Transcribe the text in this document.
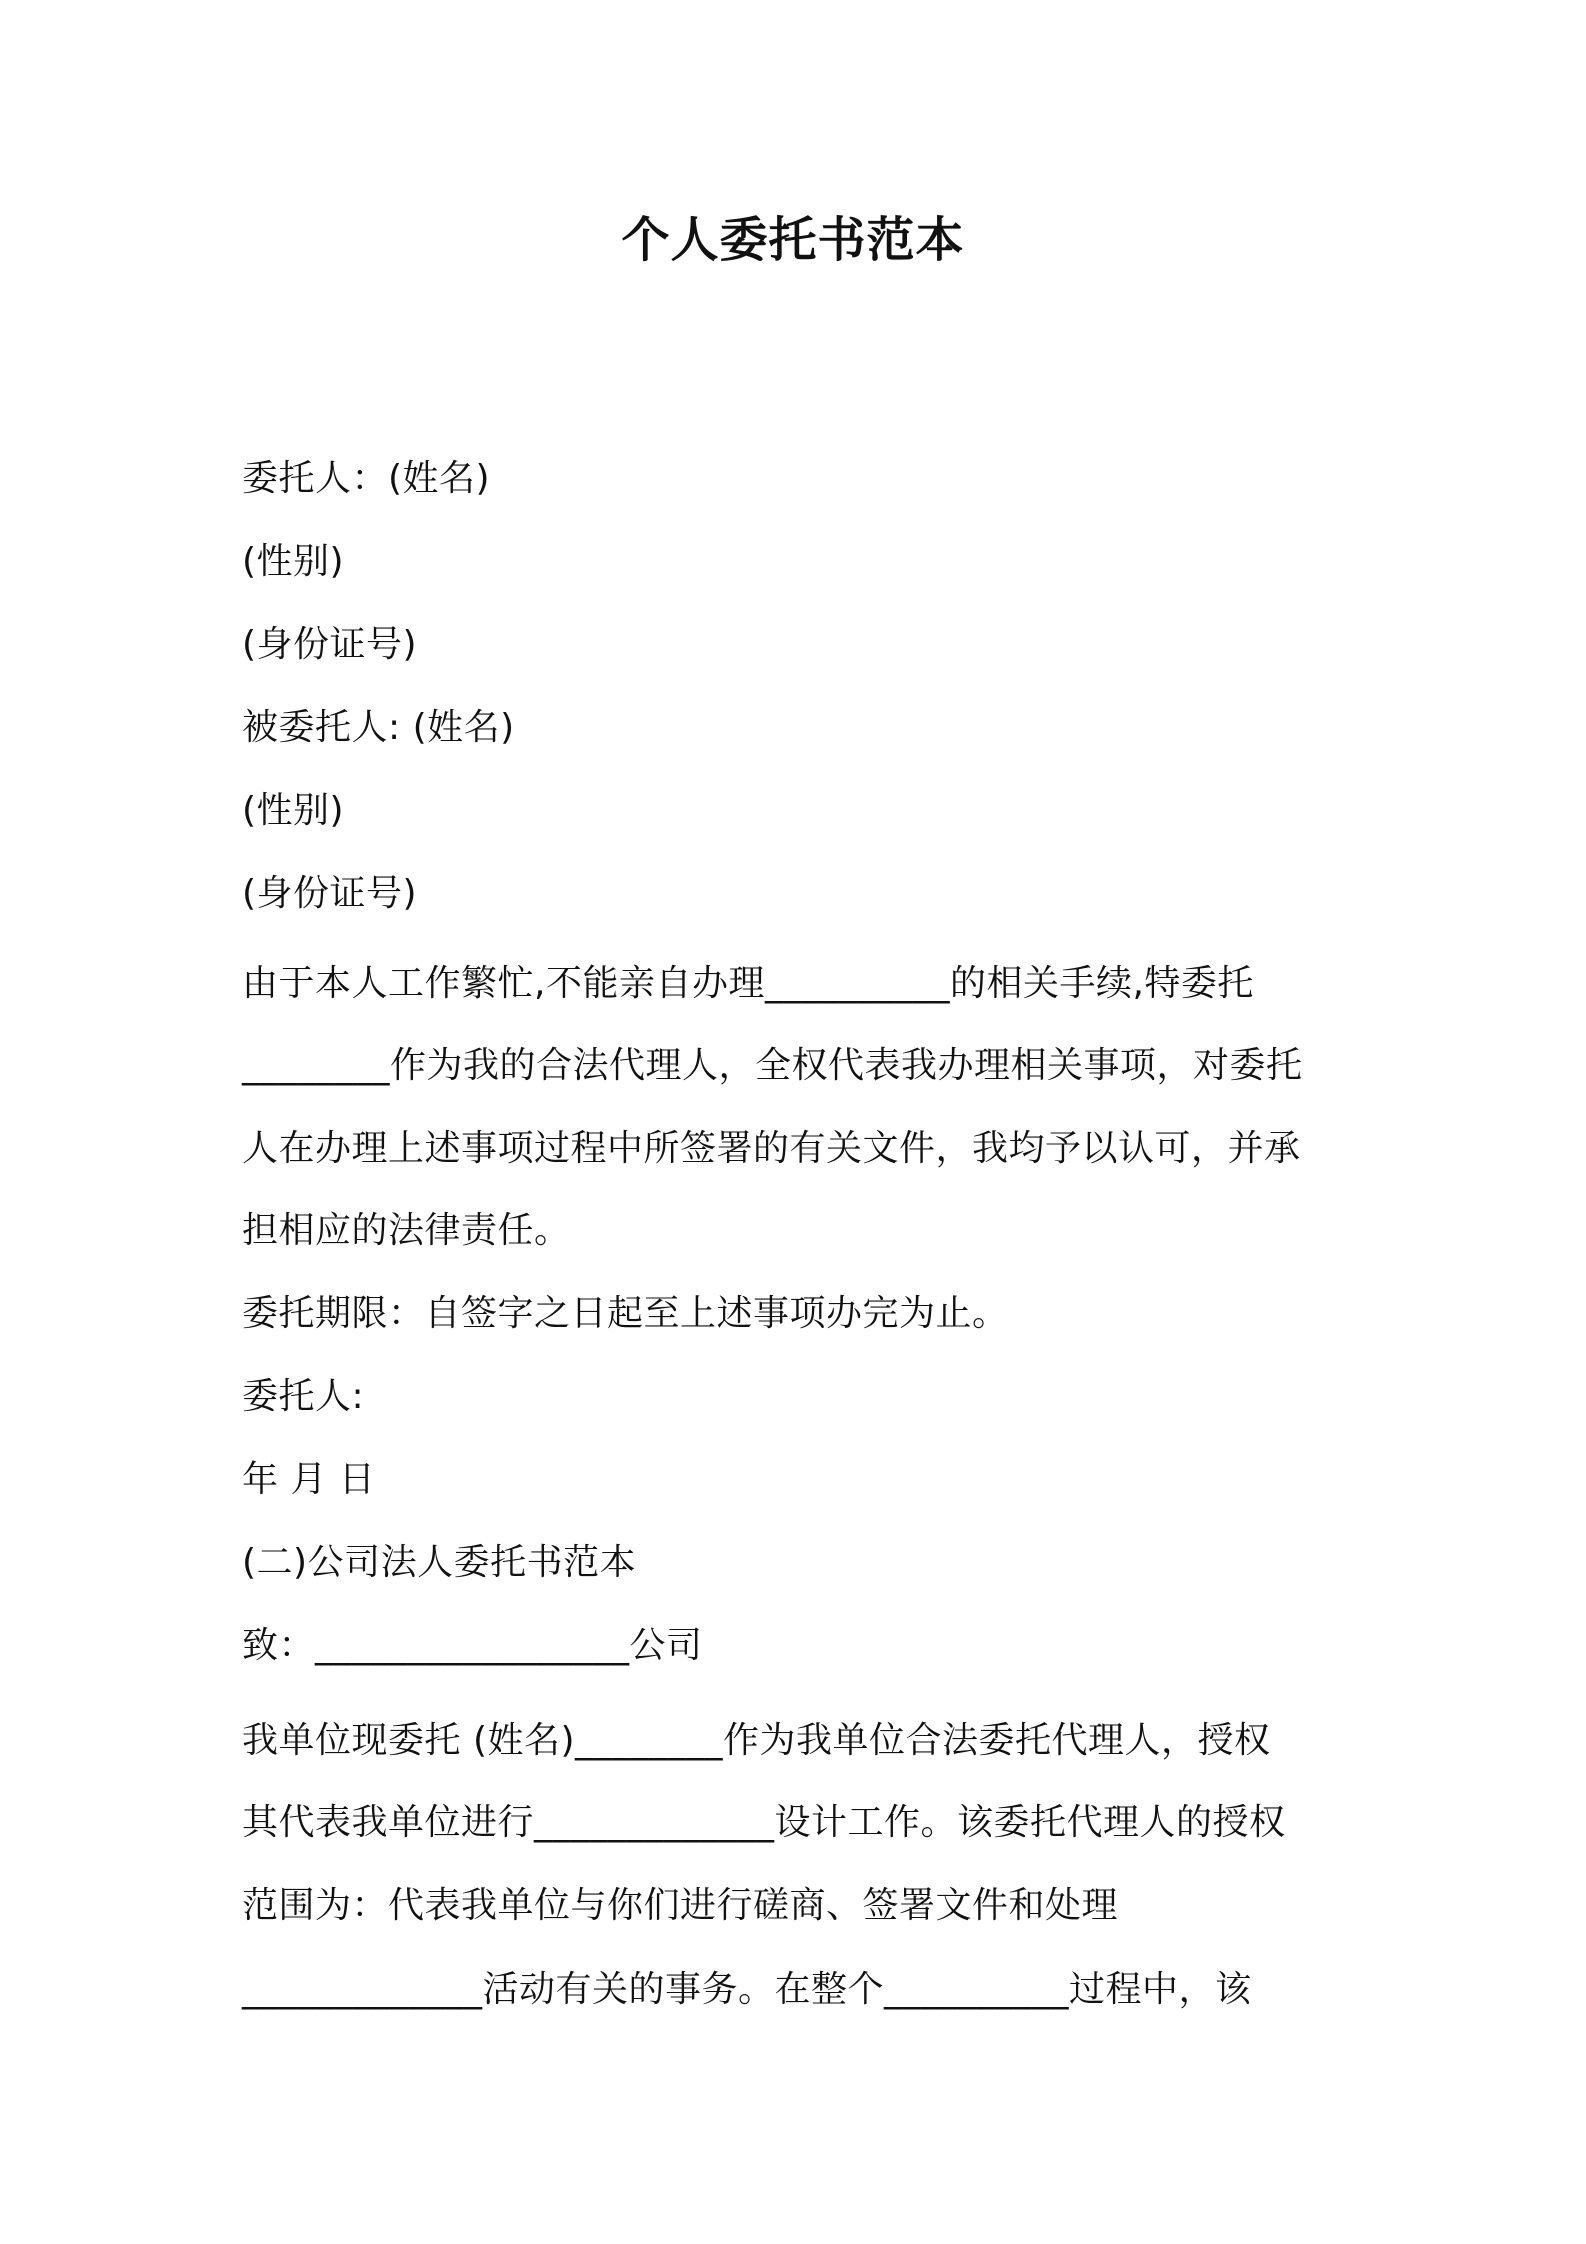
个人委托书范本
委托人：(姓名)
(性别)
(身份证号)
被委托人: (姓名)
(性别)
(身份证号)
由于本人工作繁忙,不能亲自办理__________的相关手续,特委托
________作为我的合法代理人，全权代表我办理相关事项，对委托
人在办理上述事项过程中所签署的有关文件，我均予以认可，并承
担相应的法律责任。
委托期限：自签字之日起至上述事项办完为止。
委托人:
年 月 日
(二)公司法人委托书范本
致：_________________公司
我单位现委托 (姓名)________作为我单位合法委托代理人，授权
其代表我单位进行_____________设计工作。该委托代理人的授权
范围为：代表我单位与你们进行磋商、签署文件和处理
_____________活动有关的事务。在整个__________过程中，该
